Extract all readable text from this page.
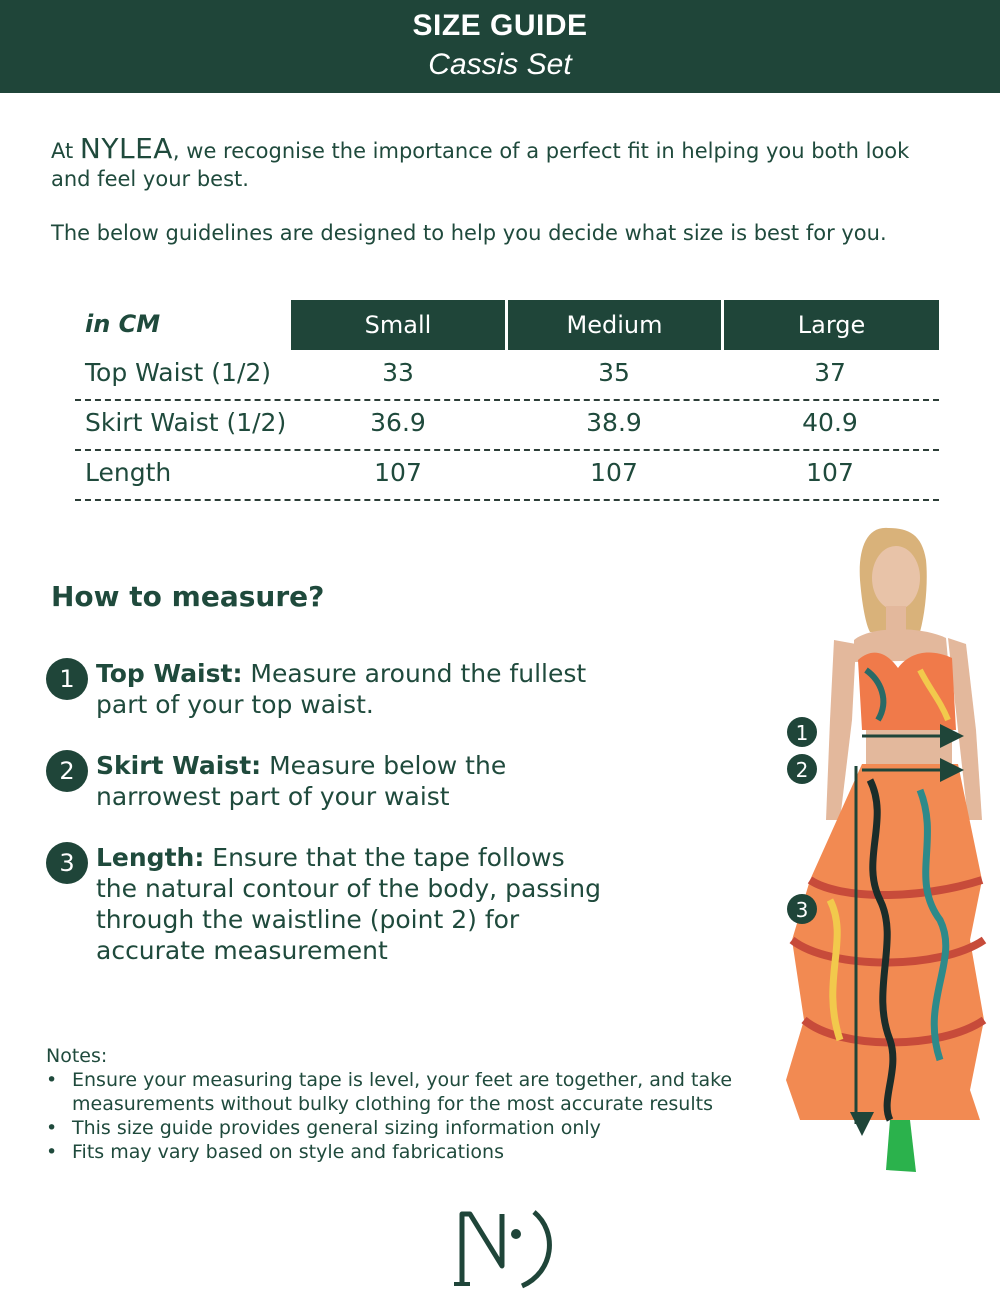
SIZE GUIDE
Cassis Set

At NYLEA, we recognise the importance of a perfect fit in helping you both look and feel your best.

The below guidelines are designed to help you decide what size is best for you.

in CM	Small	Medium	Large
Top Waist (1/2)	33	35	37
Skirt Waist (1/2)	36.9	38.9	40.9
Length	107	107	107
How to measure?
1 Top Waist: Measure around the fullest part of your top waist.
2 Skirt Waist: Measure below the narrowest part of your waist
3 Length: Ensure that the tape follows the natural contour of the body, passing through the waistline (point 2) for accurate measurement
Notes:
• Ensure your measuring tape is level, your feet are together, and take measurements without bulky clothing for the most accurate results
• This size guide provides general sizing information only
• Fits may vary based on style and fabrications
1
2
3
